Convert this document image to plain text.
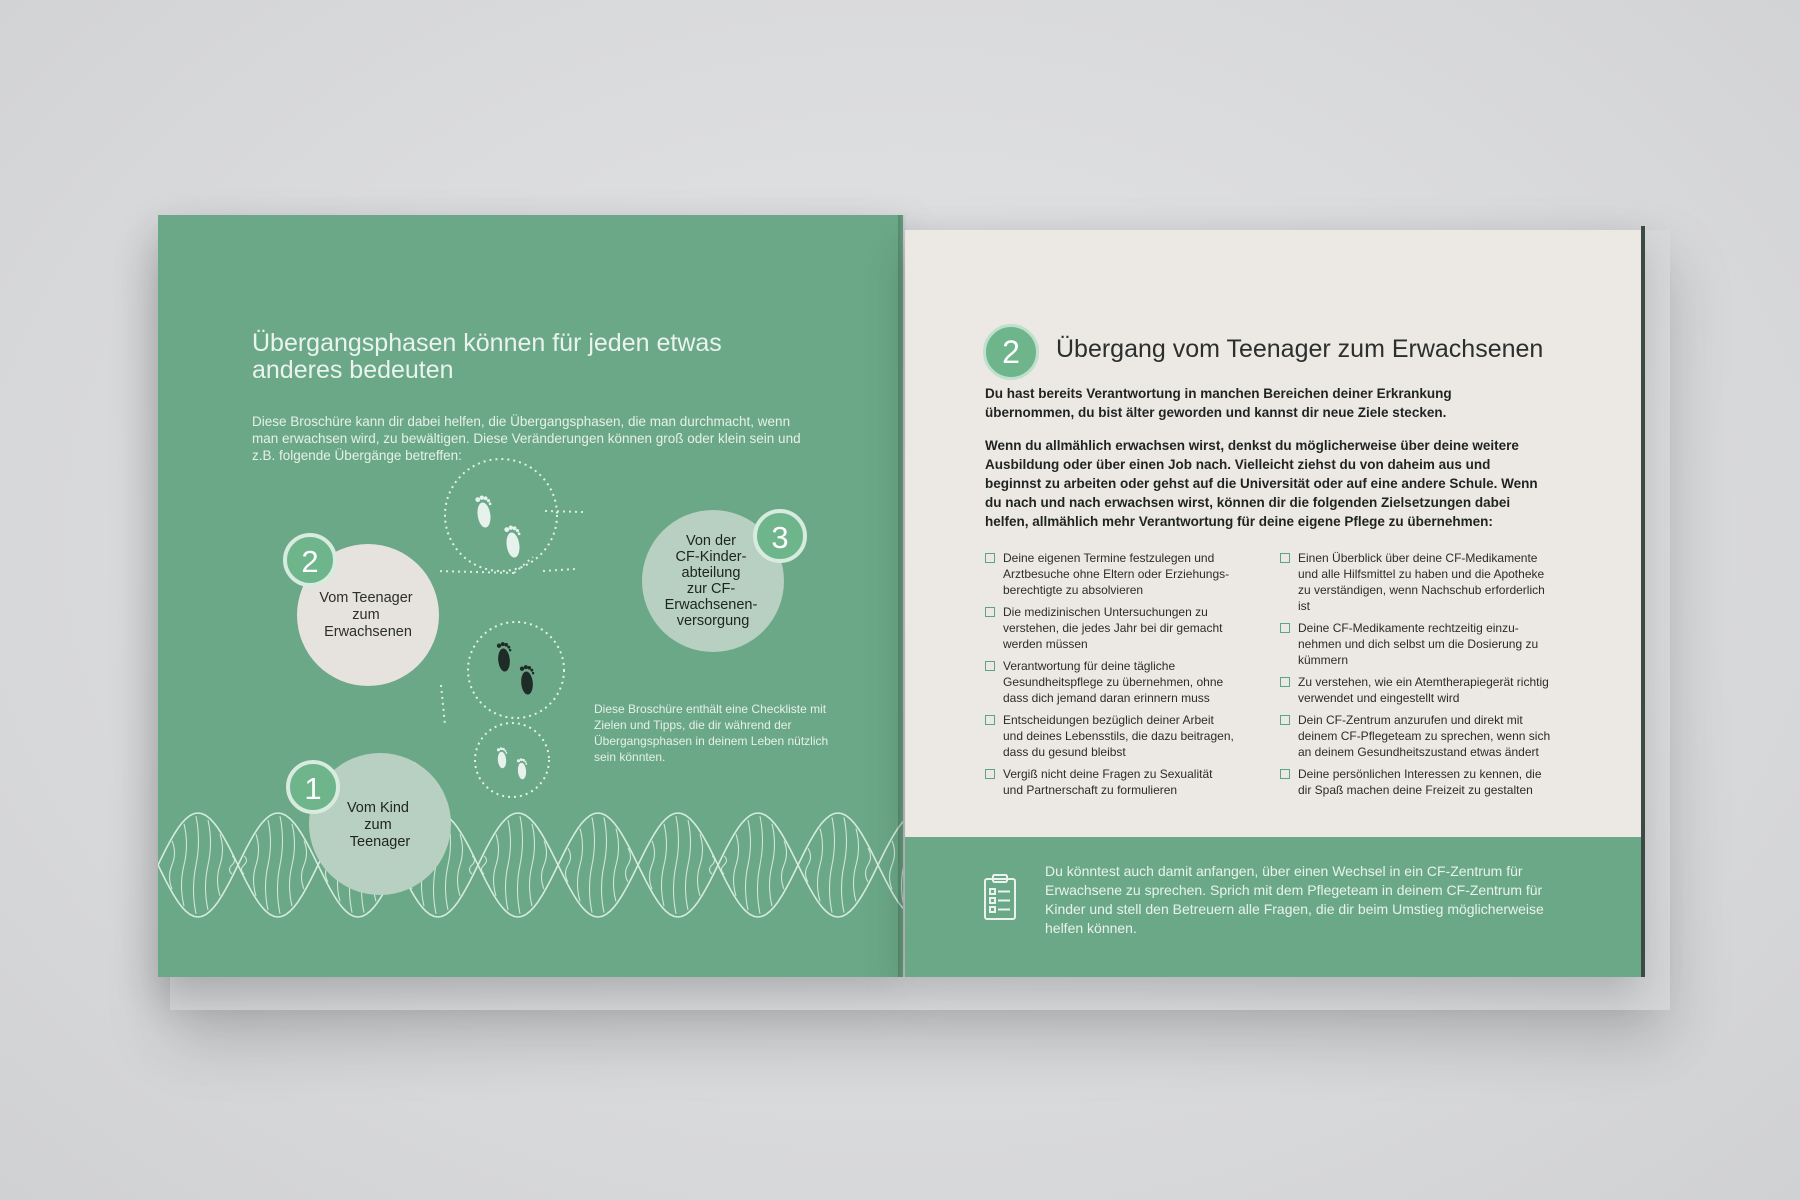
Vom Teenager zum Erwachsenen
2
Von der CF-Kinder- abteilung zur CF- Erwachsenen- versorgung
3
Vom Kind zum Teenager
1
Übergangsphasen können für jeden etwas anderes bedeuten
Diese Broschüre kann dir dabei helfen, die Übergangsphasen, die man durchmacht, wenn man erwachsen wird, zu bewältigen. Diese Veränderungen können groß oder klein sein und z.B. folgende Übergänge betreffen:
Diese Broschüre enthält eine Checkliste mit Zielen und Tipps, die dir während der Übergangsphasen in deinem Leben nützlich sein könnten.
2	Übergang vom Teenager zum Erwachsenen

Du hast bereits Verantwortung in manchen Bereichen deiner Erkrankung übernommen, du bist älter geworden und kannst dir neue Ziele stecken.

Wenn du allmählich erwachsen wirst, denkst du möglicherweise über deine weitere Ausbildung oder über einen Job nach. Vielleicht ziehst du von daheim aus und beginnst zu arbeiten oder gehst auf die Universität oder auf eine andere Schule. Wenn du nach und nach erwachsen wirst, können dir die folgenden Zielsetzungen dabei helfen, allmählich mehr Verantwortung für deine eigene Pflege zu übernehmen:

Deine eigenen Termine festzulegen und Arztbesuche ohne Eltern oder Erziehungs-berechtigte zu absolvieren
Die medizinischen Untersuchungen zu verstehen, die jedes Jahr bei dir gemacht werden müssen
Verantwortung für deine tägliche Gesundheitspflege zu übernehmen, ohne dass dich jemand daran erinnern muss
Entscheidungen bezüglich deiner Arbeit und deines Lebensstils, die dazu beitragen, dass du gesund bleibst
Vergiß nicht deine Fragen zu Sexualität und Partnerschaft zu formulieren
Einen Überblick über deine CF-Medikamente und alle Hilfsmittel zu haben und die Apotheke zu verständigen, wenn Nachschub erforderlich ist
Deine CF-Medikamente rechtzeitig einzu-nehmen und dich selbst um die Dosierung zu kümmern
Zu verstehen, wie ein Atemtherapiegerät richtig verwendet und eingestellt wird
Dein CF-Zentrum anzurufen und direkt mit deinem CF-Pflegeteam zu sprechen, wenn sich an deinem Gesundheitszustand etwas ändert
Deine persönlichen Interessen zu kennen, die dir Spaß machen deine Freizeit zu gestalten
Du könntest auch damit anfangen, über einen Wechsel in ein CF-Zentrum für Erwachsene zu sprechen. Sprich mit dem Pflegeteam in deinem CF-Zentrum für Kinder und stell den Betreuern alle Fragen, die dir beim Umstieg möglicherweise helfen können.
